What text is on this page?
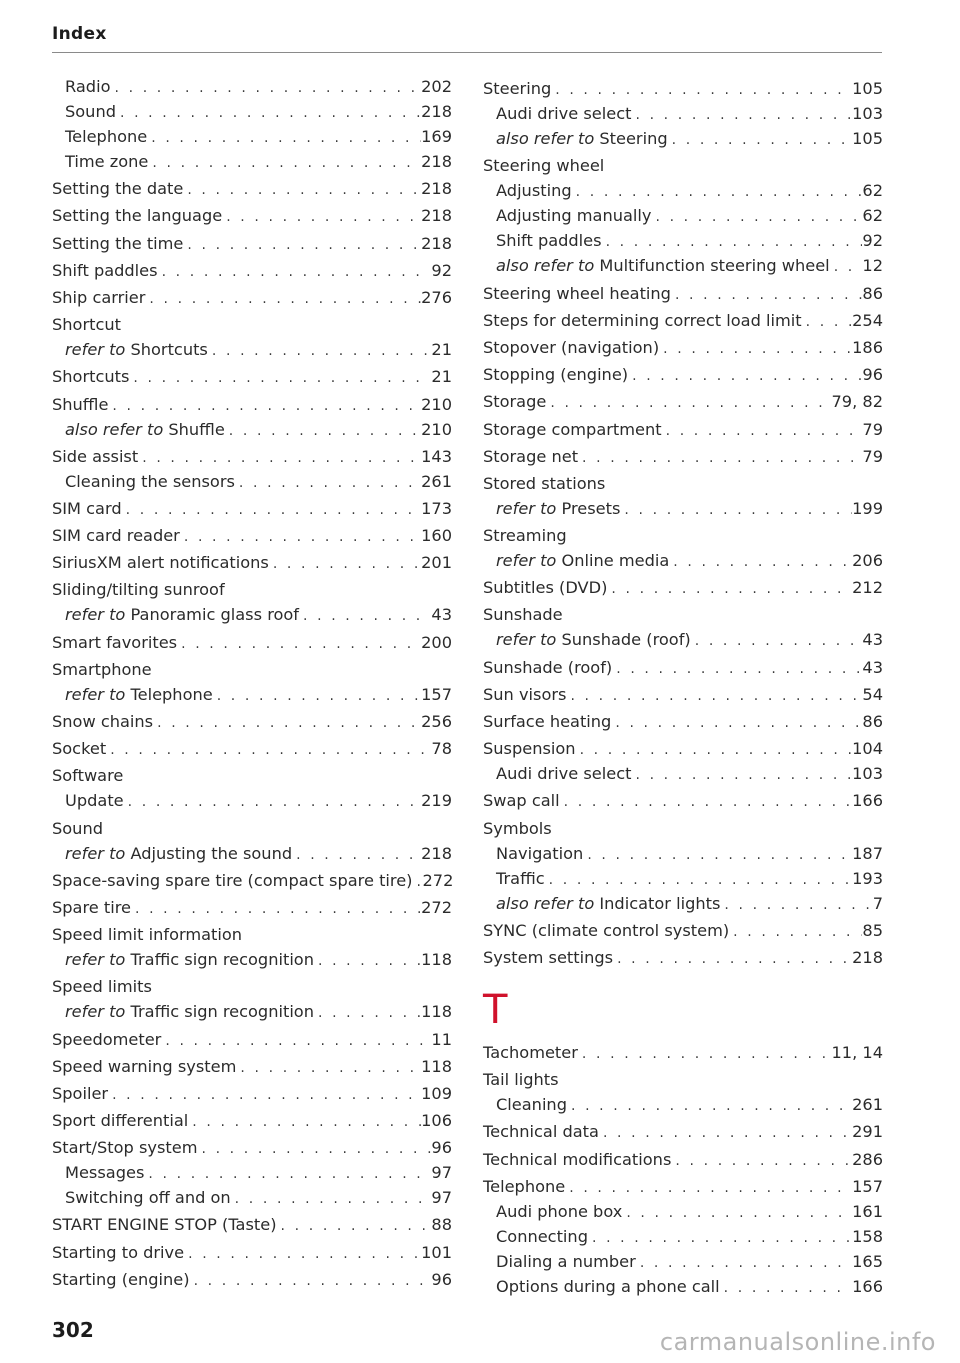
Index
Radio . . .	202
Sound . . .	218
Telephone . . .	169
Time zone . . .	218
Setting the date . . .	218
Setting the language . . .	218
Setting the time . . .	218
Shift paddles . . .	92
Ship carrier . . .	276
Shortcut
refer to Shortcuts . . .	21
Shortcuts . . .	21
Shuffle . . .	210
also refer to Shuffle . . .	210
Side assist . . .	143
Cleaning the sensors . . .	261
SIM card . . .	173
SIM card reader . . .	160
SiriusXM alert notifications . . .	201
Sliding/tilting sunroof
refer to Panoramic glass roof . . .	43
Smart favorites . . .	200
Smartphone
refer to Telephone . . .	157
Snow chains . . .	256
Socket . . .	78
Software
Update . . .	219
Sound
refer to Adjusting the sound . . .	218
Space-saving spare tire (compact spare tire) . . . 272
Spare tire . . .	272
Speed limit information
refer to Traffic sign recognition . . .	118
Speed limits
refer to Traffic sign recognition . . .	118
Speedometer . . .	11
Speed warning system . . .	118
Spoiler . . .	109
Sport differential . . .	106
Start/Stop system . . .	96
Messages . . .	97
Switching off and on . . .	97
START ENGINE STOP (Taste) . . .	88
Starting to drive . . .	101
Starting (engine) . . .	96
Steering . . .	105
Audi drive select . . .	103
also refer to Steering . . .	105
Steering wheel
Adjusting . . .	62
Adjusting manually . . .	62
Shift paddles . . .	92
also refer to Multifunction steering wheel . . . 12
Steering wheel heating . . .	86
Steps for determining correct load limit . . .	254
Stopover (navigation) . . .	186
Stopping (engine) . . .	96
Storage . . .	79, 82
Storage compartment . . .	79
Storage net . . .	79
Stored stations
refer to Presets . . .	199
Streaming
refer to Online media . . .	206
Subtitles (DVD) . . .	212
Sunshade
refer to Sunshade (roof) . . .	43
Sunshade (roof) . . .	43
Sun visors . . .	54
Surface heating . . .	86
Suspension . . .	104
Audi drive select . . .	103
Swap call . . .	166
Symbols
Navigation . . .	187
Traffic . . .	193
also refer to Indicator lights . . .	7
SYNC (climate control system) . . .	85
System settings . . .	218
T
Tachometer . . .	11, 14
Tail lights
Cleaning . . .	261
Technical data . . .	291
Technical modifications . . .	286
Telephone . . .	157
Audi phone box . . .	161
Connecting . . .	158
Dialing a number . . .	165
Options during a phone call . . .	166
302	carmanualsonline.info
